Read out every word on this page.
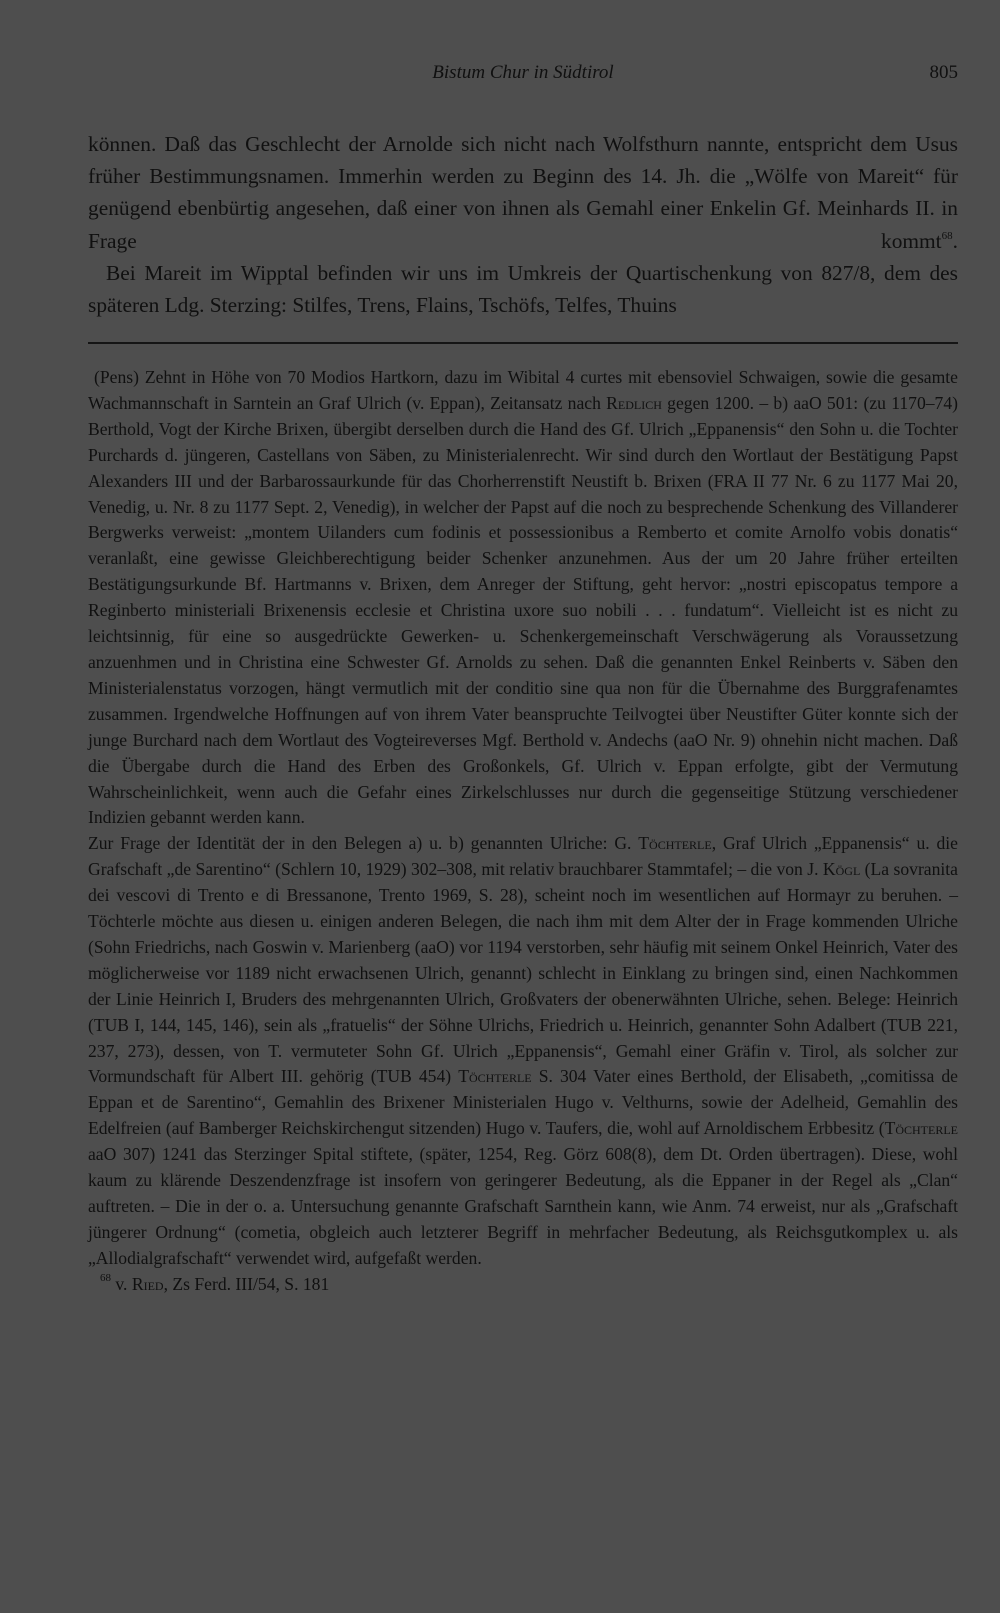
Bistum Chur in Südtirol	805

können. Daß das Geschlecht der Arnolde sich nicht nach Wolfsthurn nannte, entspricht dem Usus früher Bestimmungsnamen. Immerhin werden zu Beginn des 14. Jh. die „Wölfe von Mareit“ für genügend ebenbürtig angesehen, daß einer von ihnen als Gemahl einer Enkelin Gf. Meinhards II. in Frage kommt$^{68}$.

Bei Mareit im Wipptal befinden wir uns im Umkreis der Quartischenkung von 827/8, dem des späteren Ldg. Sterzing: Stilfes, Trens, Flains, Tschöfs, Telfes, Thuins

(Pens) Zehnt in Höhe von 70 Modios Hartkorn, dazu im Wibital 4 curtes mit ebensoviel Schwaigen, sowie die gesamte Wachmannschaft in Sarntein an Graf Ulrich (v. Eppan), Zeitansatz nach Redlich gegen 1200. – b) aaO 501: (zu 1170–74) Berthold, Vogt der Kirche Brixen, übergibt derselben durch die Hand des Gf. Ulrich „Eppanensis“ den Sohn u. die Tochter Purchards d. jüngeren, Castellans von Säben, zu Ministerialenrecht. Wir sind durch den Wortlaut der Bestätigung Papst Alexanders III und der Barbarossaurkunde für das Chorherrenstift Neustift b. Brixen (FRA II 77 Nr. 6 zu 1177 Mai 20, Venedig, u. Nr. 8 zu 1177 Sept. 2, Venedig), in welcher der Papst auf die noch zu besprechende Schenkung des Villanderer Bergwerks verweist: „montem Uilanders cum fodinis et possessionibus a Remberto et comite Arnolfo vobis donatis“ veranlaßt, eine gewisse Gleichberechtigung beider Schenker anzunehmen. Aus der um 20 Jahre früher erteilten Bestätigungsurkunde Bf. Hartmanns v. Brixen, dem Anreger der Stiftung, geht hervor: „nostri episcopatus tempore a Reginberto ministeriali Brixenensis ecclesie et Christina uxore suo nobili . . . fundatum“. Vielleicht ist es nicht zu leichtsinnig, für eine so ausgedrückte Gewerken- u. Schenkergemeinschaft Verschwägerung als Voraussetzung anzuenhmen und in Christina eine Schwester Gf. Arnolds zu sehen. Daß die genannten Enkel Reinberts v. Säben den Ministerialenstatus vorzogen, hängt vermutlich mit der conditio sine qua non für die Übernahme des Burggrafenamtes zusammen. Irgendwelche Hoffnungen auf von ihrem Vater beanspruchte Teilvogtei über Neustifter Güter konnte sich der junge Burchard nach dem Wortlaut des Vogteireverses Mgf. Berthold v. Andechs (aaO Nr. 9) ohnehin nicht machen. Daß die Übergabe durch die Hand des Erben des Großonkels, Gf. Ulrich v. Eppan erfolgte, gibt der Vermutung Wahrscheinlichkeit, wenn auch die Gefahr eines Zirkelschlusses nur durch die gegenseitige Stützung verschiedener Indizien gebannt werden kann.

Zur Frage der Identität der in den Belegen a) u. b) genannten Ulriche: G. Töchterle, Graf Ulrich „Eppanensis“ u. die Grafschaft „de Sarentino“ (Schlern 10, 1929) 302–308, mit relativ brauchbarer Stammtafel; – die von J. Kögl (La sovranita dei vescovi di Trento e di Bressanone, Trento 1969, S. 28), scheint noch im wesentlichen auf Hormayr zu beruhen. – Töchterle möchte aus diesen u. einigen anderen Belegen, die nach ihm mit dem Alter der in Frage kommenden Ulriche (Sohn Friedrichs, nach Goswin v. Marienberg (aaO) vor 1194 verstorben, sehr häufig mit seinem Onkel Heinrich, Vater des möglicherweise vor 1189 nicht erwachsenen Ulrich, genannt) schlecht in Einklang zu bringen sind, einen Nachkommen der Linie Heinrich I, Bruders des mehrgenannten Ulrich, Großvaters der obenerwähnten Ulriche, sehen. Belege: Heinrich (TUB I, 144, 145, 146), sein als „fratuelis“ der Söhne Ulrichs, Friedrich u. Heinrich, genannter Sohn Adalbert (TUB 221, 237, 273), dessen, von T. vermuteter Sohn Gf. Ulrich „Eppanensis“, Gemahl einer Gräfin v. Tirol, als solcher zur Vormundschaft für Albert III. gehörig (TUB 454) Töchterle S. 304 Vater eines Berthold, der Elisabeth, „comitissa de Eppan et de Sarentino“, Gemahlin des Brixener Ministerialen Hugo v. Velthurns, sowie der Adelheid, Gemahlin des Edelfreien (auf Bamberger Reichskirchengut sitzenden) Hugo v. Taufers, die, wohl auf Arnoldischem Erbbesitz (Töchterle aaO 307) 1241 das Sterzinger Spital stiftete, (später, 1254, Reg. Görz 608(8), dem Dt. Orden übertragen). Diese, wohl kaum zu klärende Deszendenzfrage ist insofern von geringerer Bedeutung, als die Eppaner in der Regel als „Clan“ auftreten. – Die in der o. a. Untersuchung genannte Grafschaft Sarnthein kann, wie Anm. 74 erweist, nur als „Grafschaft jüngerer Ordnung“ (cometia, obgleich auch letzterer Begriff in mehrfacher Bedeutung, als Reichsgutkomplex u. als „Allodialgrafschaft“ verwendet wird, aufgefaßt werden.

$^{68}$ v. Ried, Zs Ferd. III/54, S. 181
